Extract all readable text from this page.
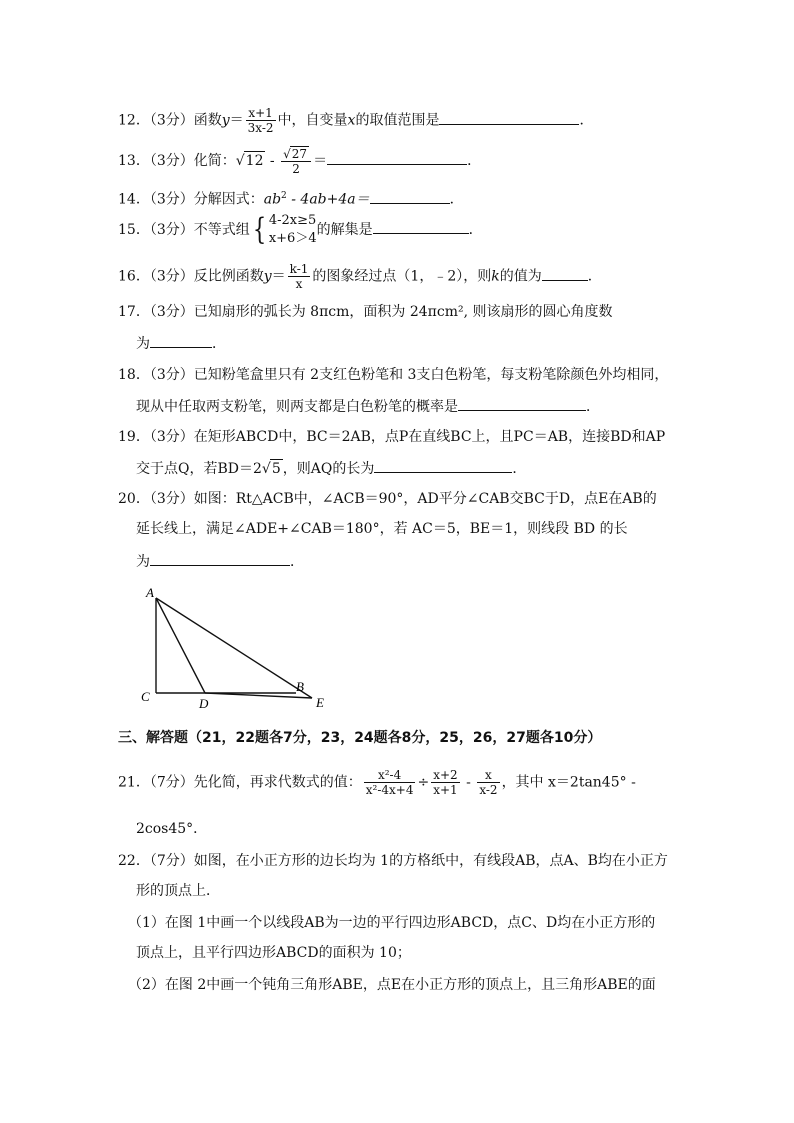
12．（3分）函数$y= \frac{x+1}{3x-2}$ 中，自变量x的取值范围是	．
13．（3分）化简：$√12 - \frac{√27}{2}$ ＝	．
14．（3分）分解因式：$ab^2 - 4ab+4a=$	．
15．（3分）不等式组{ 4-2x≥5
x+6＞4
的解集是	．
16．（3分）反比例函数$y= \frac{k-1}{x}$ 的图象经过点（1，﹣2），则k的值为	．
17．（3分）已知扇形的弧长为 8πcm，面积为 24πcm², 则该扇形的圆心角度数
为	．
18．（3分）已知粉笔盒里只有 2支红色粉笔和 3支白色粉笔，每支粉笔除颜色外均相同，
现从中任取两支粉笔，则两支都是白色粉笔的概率是	．
19．（3分）在矩形ABCD中，BC＝2AB，点P在直线BC上，且PC＝AB，连接BD和AP
交于点Q，若BD＝2√5 ，则AQ的长为	．
20．（3分）如图：Rt△ACB中，∠ACB＝90°，AD平分∠CAB交BC于D，点E在AB的
延长线上，满足∠ADE+∠CAB＝180°，若 AC＝5，BE＝1，则线段 BD 的长
为	．
A
C	D
B
E
三、解答题（21，22题各7分，23，24题各8分，25，26，27题各10分）
21．（7分）先化简，再求代数式的值： $\frac{\text{x²-4}}{\text{x²-4x+4}} \div \frac{x+2}{x+1} - \frac{x}{x-2}$ ，其中 x＝2tan45° -
2cos45°．
22．（7分）如图，在小正方形的边长均为 1的方格纸中，有线段AB，点A、B均在小正方
形的顶点上．
（1）在图 1中画一个以线段AB为一边的平行四边形ABCD，点C、D均在小正方形的
顶点上，且平行四边形ABCD的面积为 10；
（2）在图 2中画一个钝角三角形ABE，点E在小正方形的顶点上，且三角形ABE的面
